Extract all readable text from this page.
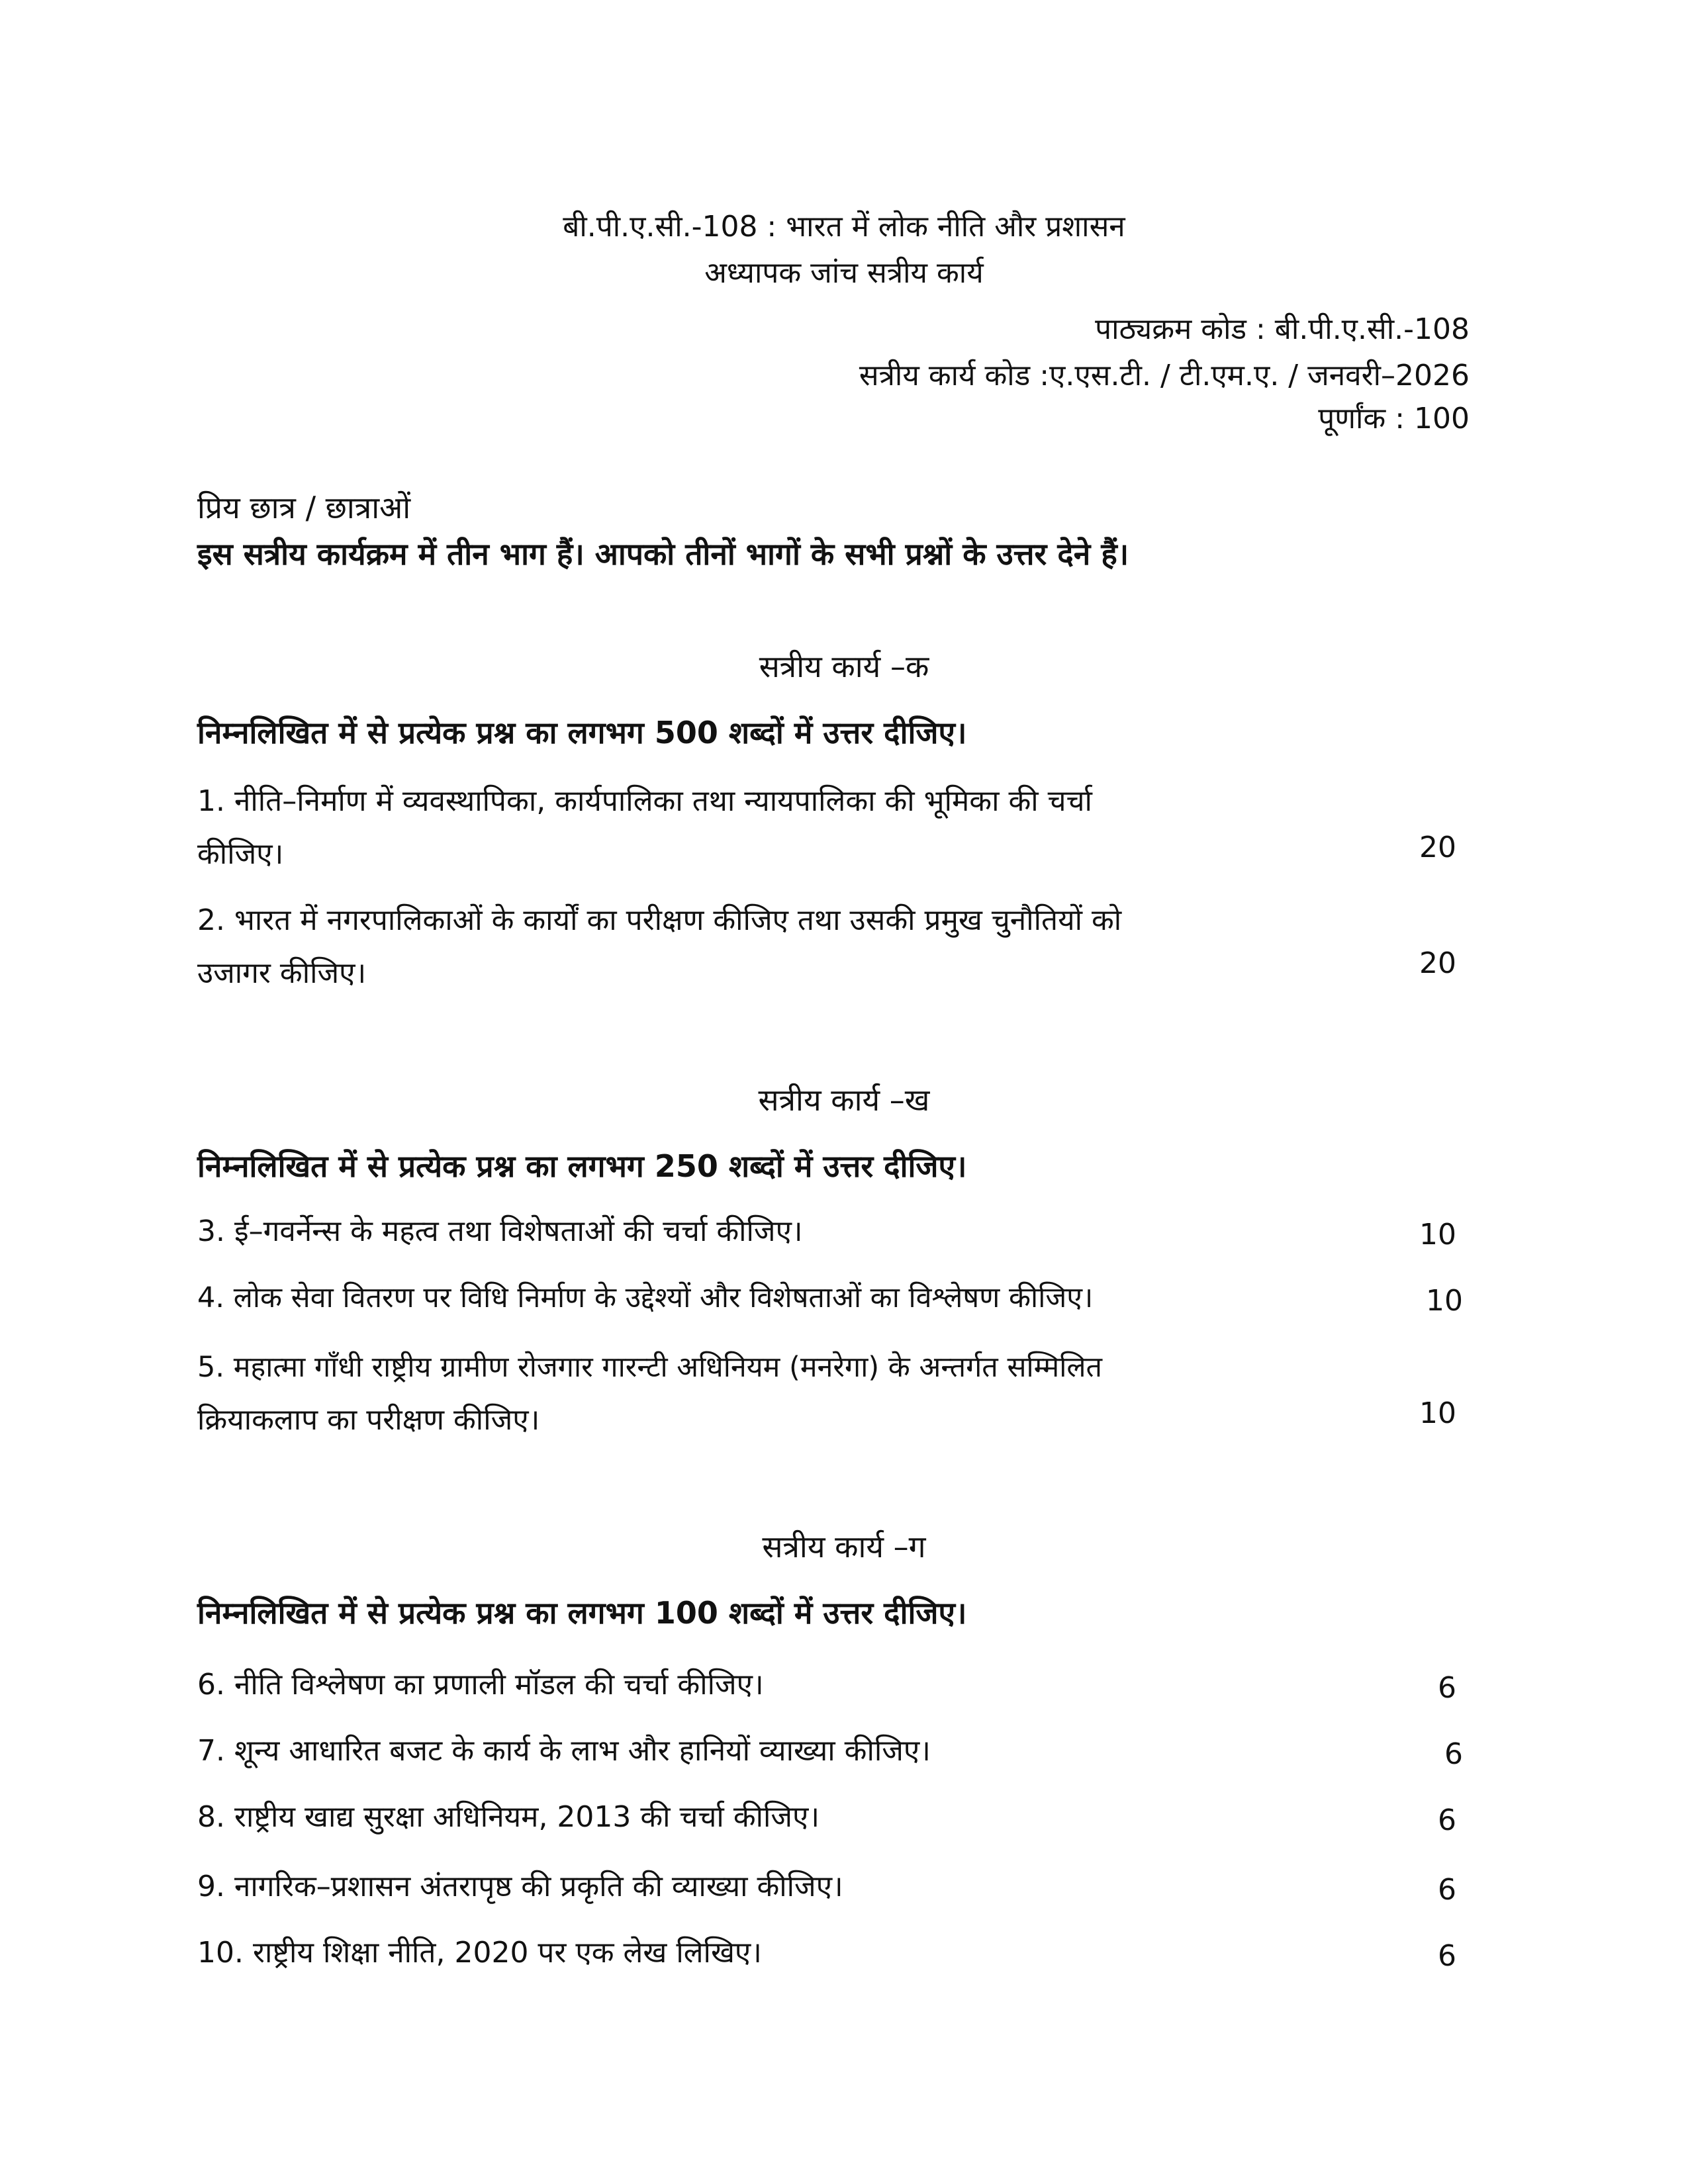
बी.पी.ए.सी.-108 : भारत में लोक नीति और प्रशासन
अध्यापक जांच सत्रीय कार्य
पाठ्यक्रम कोड : बी.पी.ए.सी.-108
सत्रीय कार्य कोड :ए.एस.टी. / टी.एम.ए. / जनवरी–2026
पूर्णांक : 100
प्रिय छात्र / छात्राओं
इस सत्रीय कार्यक्रम में तीन भाग हैं। आपको तीनों भागों के सभी प्रश्नों के उत्तर देने हैं।
सत्रीय कार्य –क
निम्नलिखित में से प्रत्येक प्रश्न का लगभग 500 शब्दों में उत्तर दीजिए।
1. नीति–निर्माण में व्यवस्थापिका, कार्यपालिका तथा न्यायपालिका की भूमिका की चर्चा
कीजिए।	20
2. भारत में नगरपालिकाओं के कार्यों का परीक्षण कीजिए तथा उसकी प्रमुख चुनौतियों को
उजागर कीजिए।	20
सत्रीय कार्य –ख
निम्नलिखित में से प्रत्येक प्रश्न का लगभग 250 शब्दों में उत्तर दीजिए।
3. ई–गवर्नेन्स के महत्व तथा विशेषताओं की चर्चा कीजिए।	10
4. लोक सेवा वितरण पर विधि निर्माण के उद्देश्यों और विशेषताओं का विश्लेषण कीजिए।	10
5. महात्मा गाँधी राष्ट्रीय ग्रामीण रोजगार गारन्टी अधिनियम (मनरेगा) के अन्तर्गत सम्मिलित
क्रियाकलाप का परीक्षण कीजिए।	10
सत्रीय कार्य –ग
निम्नलिखित में से प्रत्येक प्रश्न का लगभग 100 शब्दों में उत्तर दीजिए।
6. नीति विश्लेषण का प्रणाली मॉडल की चर्चा कीजिए।	6
7. शून्य आधारित बजट के कार्य के लाभ और हानियों व्याख्या कीजिए।	6
8. राष्ट्रीय खाद्य सुरक्षा अधिनियम, 2013 की चर्चा कीजिए।	6
9. नागरिक–प्रशासन अंतरापृष्ठ की प्रकृति की व्याख्या कीजिए।	6
10. राष्ट्रीय शिक्षा नीति, 2020 पर एक लेख लिखिए।	6
